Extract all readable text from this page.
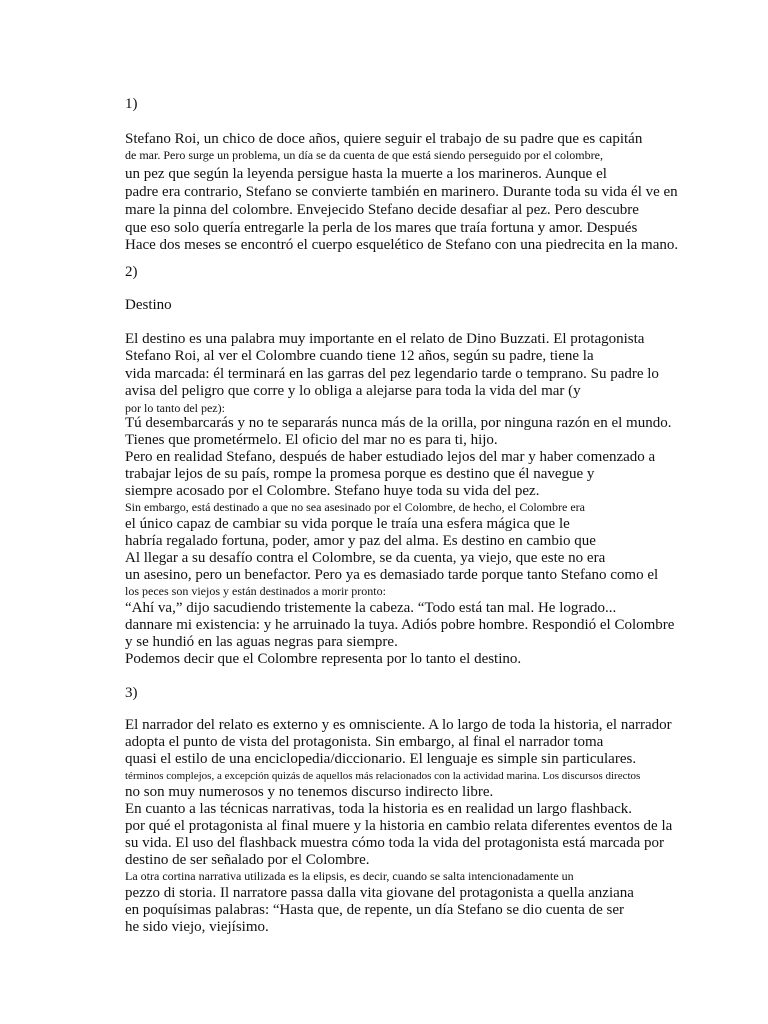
1)
Stefano Roi, un chico de doce años, quiere seguir el trabajo de su padre que es capitán
de mar. Pero surge un problema, un día se da cuenta de que está siendo perseguido por el colombre,
un pez que según la leyenda persigue hasta la muerte a los marineros. Aunque el
padre era contrario, Stefano se convierte también en marinero. Durante toda su vida él ve en
mare la pinna del colombre. Envejecido Stefano decide desafiar al pez. Pero descubre
que eso solo quería entregarle la perla de los mares que traía fortuna y amor. Después
Hace dos meses se encontró el cuerpo esquelético de Stefano con una piedrecita en la mano.
2)
Destino
El destino es una palabra muy importante en el relato de Dino Buzzati. El protagonista
Stefano Roi, al ver el Colombre cuando tiene 12 años, según su padre, tiene la
vida marcada: él terminará en las garras del pez legendario tarde o temprano. Su padre lo
avisa del peligro que corre y lo obliga a alejarse para toda la vida del mar (y
por lo tanto del pez):
Tú desembarcarás y no te separarás nunca más de la orilla, por ninguna razón en el mundo.
Tienes que prometérmelo. El oficio del mar no es para ti, hijo.
Pero en realidad Stefano, después de haber estudiado lejos del mar y haber comenzado a
trabajar lejos de su país, rompe la promesa porque es destino que él navegue y
siempre acosado por el Colombre. Stefano huye toda su vida del pez.
Sin embargo, está destinado a que no sea asesinado por el Colombre, de hecho, el Colombre era
el único capaz de cambiar su vida porque le traía una esfera mágica que le
habría regalado fortuna, poder, amor y paz del alma. Es destino en cambio que
Al llegar a su desafío contra el Colombre, se da cuenta, ya viejo, que este no era
un asesino, pero un benefactor. Pero ya es demasiado tarde porque tanto Stefano como el
los peces son viejos y están destinados a morir pronto:
“Ahí va,” dijo sacudiendo tristemente la cabeza. “Todo está tan mal. He logrado...
dannare mi existencia: y he arruinado la tuya. Adiós pobre hombre. Respondió el Colombre
y se hundió en las aguas negras para siempre.
Podemos decir que el Colombre representa por lo tanto el destino.
3)
El narrador del relato es externo y es omnisciente. A lo largo de toda la historia, el narrador
adopta el punto de vista del protagonista. Sin embargo, al final el narrador toma
quasi el estilo de una enciclopedia/diccionario. El lenguaje es simple sin particulares.
términos complejos, a excepción quizás de aquellos más relacionados con la actividad marina. Los discursos directos
no son muy numerosos y no tenemos discurso indirecto libre.
En cuanto a las técnicas narrativas, toda la historia es en realidad un largo flashback.
por qué el protagonista al final muere y la historia en cambio relata diferentes eventos de la
su vida. El uso del flashback muestra cómo toda la vida del protagonista está marcada por
destino de ser señalado por el Colombre.
La otra cortina narrativa utilizada es la elipsis, es decir, cuando se salta intencionadamente un
pezzo di storia. Il narratore passa dalla vita giovane del protagonista a quella anziana
en poquísimas palabras: “Hasta que, de repente, un día Stefano se dio cuenta de ser
he sido viejo, viejísimo.
